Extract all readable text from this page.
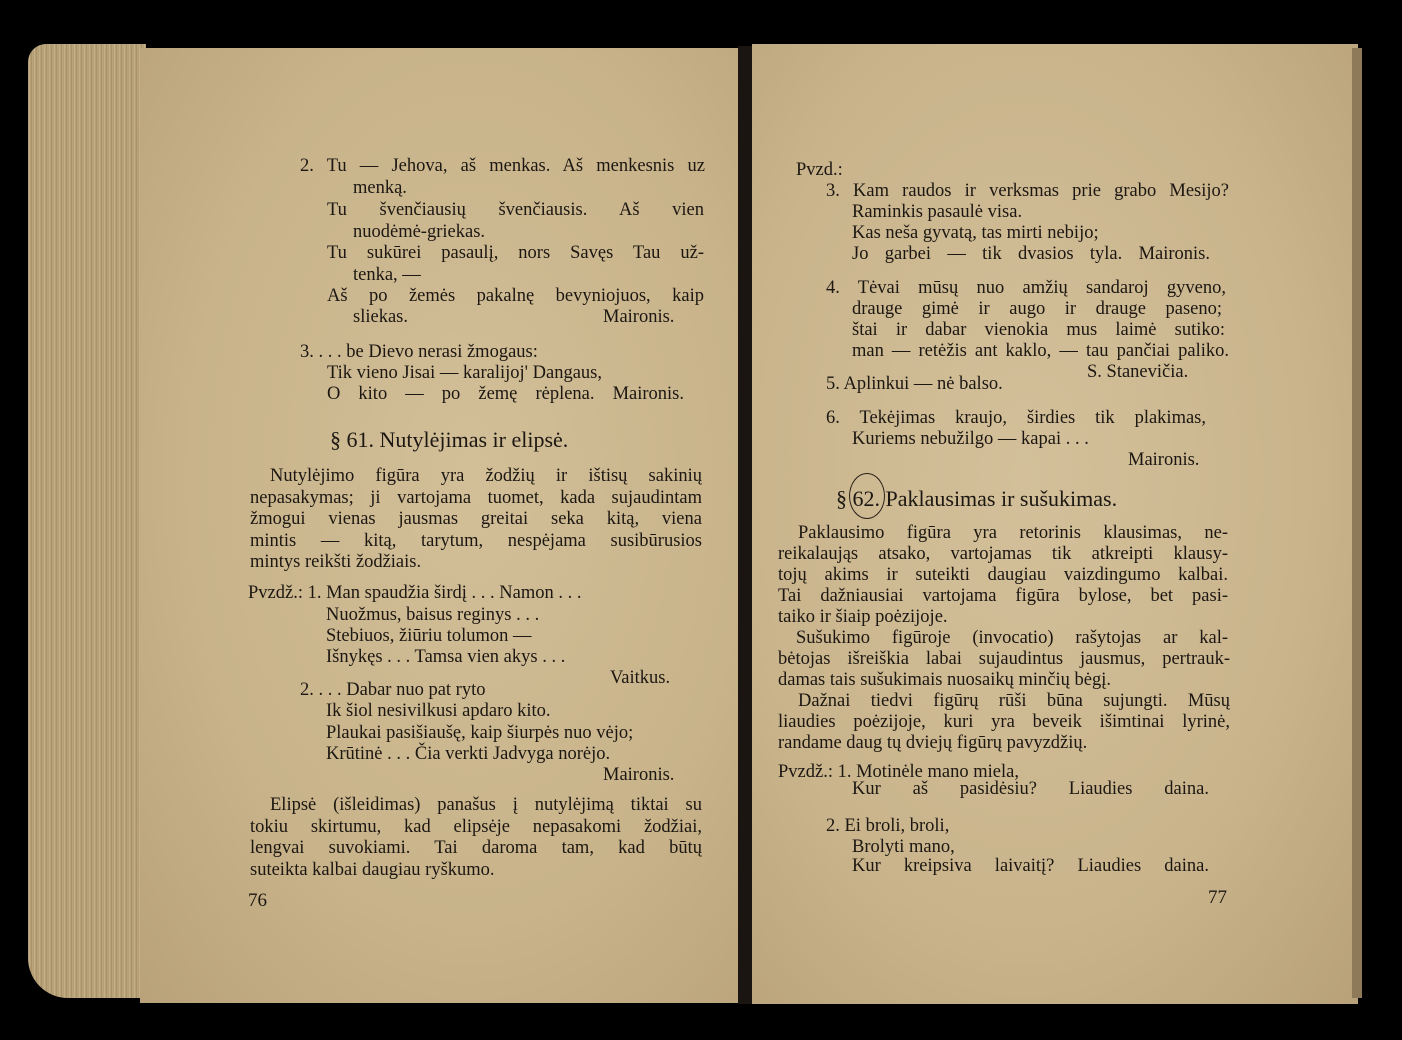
2. Tu — Jehova, aš menkas. Aš menkesnis uz
menką.
Tu švenčiausių švenčiausis. Aš vien
nuodėmė-griekas.
Tu sukūrei pasaulį, nors Savęs Tau už-
tenka, —
Aš po žemės pakalnę bevyniojuos, kaip
sliekas.	Maironis.
3. . . . be Dievo nerasi žmogaus:
Tik vieno Jisai — karalijoj' Dangaus,
O kito — po žemę rėplena. Maironis.
Nutylėjimo figūra yra žodžių ir ištisų sakinių
nepasakymas; ji vartojama tuomet, kada sujaudintam
žmogui vienas jausmas greitai seka kitą, viena
mintis — kitą, tarytum, nespėjama susibūrusios
mintys reikšti žodžiais.
Pvzdž.: 1. Man spaudžia širdį . . . Namon . . .
Nuožmus, baisus reginys . . .
Stebiuos, žiūriu tolumon —
Išnykęs . . . Tamsa vien akys . . .
Vaitkus.
2. . . . Dabar nuo pat ryto
Ik šiol nesivilkusi apdaro kito.
Plaukai pasišiaušę, kaip šiurpės nuo vėjo;
Krūtinė . . . Čia verkti Jadvyga norėjo.
Maironis.
Elipsė (išleidimas) panašus į nutylėjimą tiktai su
tokiu skirtumu, kad elipsėje nepasakomi žodžiai,
lengvai suvokiami. Tai daroma tam, kad būtų
suteikta kalbai daugiau ryškumo.
§ 61. Nutylėjimas ir elipsė.
76
Pvzd.:
3. Kam raudos ir verksmas prie grabo Mesijo?
Raminkis pasaulė visa.
Kas neša gyvatą, tas mirti nebijo;
Jo garbei — tik dvasios tyla. Maironis.
4. Tėvai mūsų nuo amžių sandaroj gyveno,
drauge gimė ir augo ir drauge paseno;
štai ir dabar vienokia mus laimė sutiko:
man — retėžis ant kaklo, — tau pančiai paliko.
S. Stanevičia.
5. Aplinkui — nė balso.
6. Tekėjimas kraujo, širdies tik plakimas,
Kuriems nebužilgo — kapai . . .
Maironis.
Paklausimo figūra yra retorinis klausimas, ne-
reikalaująs atsako, vartojamas tik atkreipti klausy-
tojų akims ir suteikti daugiau vaizdingumo kalbai.
Tai dažniausiai vartojama figūra bylose, bet pasi-
taiko ir šiaip poėzijoje.
Sušukimo figūroje (invocatio) rašytojas ar kal-
bėtojas išreiškia labai sujaudintus jausmus, pertrauk-
damas tais sušukimais nuosaikų minčių bėgį.
Dažnai tiedvi figūrų rūši būna sujungti. Mūsų
liaudies poėzijoje, kuri yra beveik išimtinai lyrinė,
randame daug tų dviejų figūrų pavyzdžių.
Pvzdž.: 1. Motinėle mano miela,
Kur aš pasidėsiu? Liaudies daina.
2. Ei broli, broli,
Brolyti mano,
Kur kreipsiva laivaitį? Liaudies daina.
§ 62. Paklausimas ir sušukimas.
77
